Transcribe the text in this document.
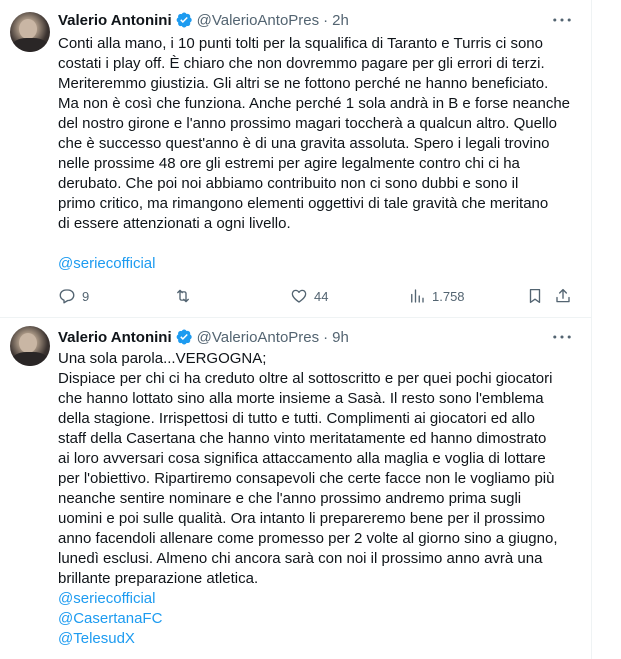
Valerio Antonini @ValerioAntoPres · 2h
Conti alla mano, i 10 punti tolti per la squalifica di Taranto e Turris ci sono
costati i play off. È chiaro che non dovremmo pagare per gli errori di terzi.
Meriteremmo giustizia. Gli altri se ne fottono perché ne hanno beneficiato.
Ma non è così che funziona. Anche perché 1 sola andrà in B e forse neanche
del nostro girone e l'anno prossimo magari toccherà a qualcun altro. Quello
che è successo quest'anno è di una gravita assoluta. Spero i legali trovino
nelle prossime 48 ore gli estremi per agire legalmente contro chi ci ha
derubato. Che poi noi abbiamo contribuito non ci sono dubbi e sono il
primo critico, ma rimangono elementi oggettivi di tale gravità che meritano
di essere attenzionati a ogni livello.
@seriecofficial
9	44	1.758
Valerio Antonini @ValerioAntoPres · 9h
Una sola parola...VERGOGNA;
Dispiace per chi ci ha creduto oltre al sottoscritto e per quei pochi giocatori
che hanno lottato sino alla morte insieme a Sasà. Il resto sono l'emblema
della stagione. Irrispettosi di tutto e tutti. Complimenti ai giocatori ed allo
staff della Casertana che hanno vinto meritatamente ed hanno dimostrato
ai loro avversari cosa significa attaccamento alla maglia e voglia di lottare
per l'obiettivo. Ripartiremo consapevoli che certe facce non le vogliamo più
neanche sentire nominare e che l'anno prossimo andremo prima sugli
uomini e poi sulle qualità. Ora intanto li prepareremo bene per il prossimo
anno facendoli allenare come promesso per 2 volte al giorno sino a giugno,
lunedì esclusi. Almeno chi ancora sarà con noi il prossimo anno avrà una
brillante preparazione atletica.
@seriecofficial
@CasertanaFC
@TelesudX
